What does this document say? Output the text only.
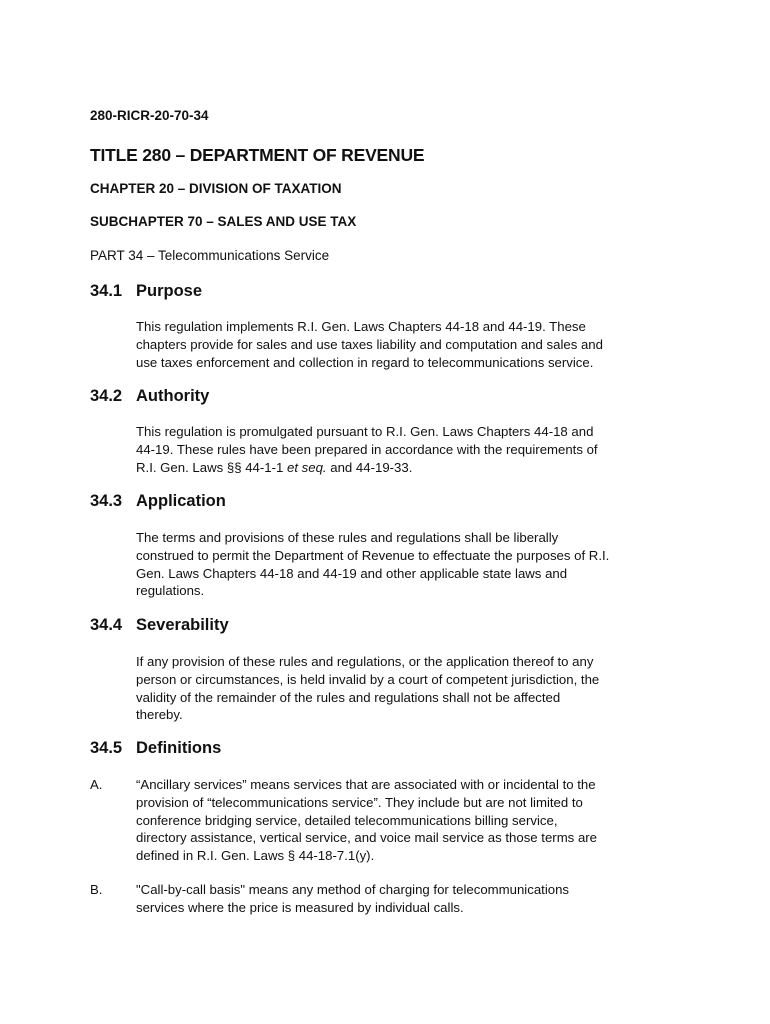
280-RICR-20-70-34
TITLE 280 – DEPARTMENT OF REVENUE
CHAPTER 20 – DIVISION OF TAXATION
SUBCHAPTER 70 – SALES AND USE TAX
PART 34 – Telecommunications Service
34.1 Purpose
This regulation implements R.I. Gen. Laws Chapters 44-18 and 44-19. These
chapters provide for sales and use taxes liability and computation and sales and
use taxes enforcement and collection in regard to telecommunications service.
34.2 Authority
This regulation is promulgated pursuant to R.I. Gen. Laws Chapters 44-18 and
44-19. These rules have been prepared in accordance with the requirements of
R.I. Gen. Laws §§ 44-1-1 et seq. and 44-19-33.
34.3 Application
The terms and provisions of these rules and regulations shall be liberally
construed to permit the Department of Revenue to effectuate the purposes of R.I.
Gen. Laws Chapters 44-18 and 44-19 and other applicable state laws and
regulations.
34.4 Severability
If any provision of these rules and regulations, or the application thereof to any
person or circumstances, is held invalid by a court of competent jurisdiction, the
validity of the remainder of the rules and regulations shall not be affected
thereby.
34.5 Definitions
A.	“Ancillary services” means services that are associated with or incidental to the
provision of “telecommunications service”. They include but are not limited to
conference bridging service, detailed telecommunications billing service,
directory assistance, vertical service, and voice mail service as those terms are
defined in R.I. Gen. Laws § 44-18-7.1(y).
B.	"Call-by-call basis" means any method of charging for telecommunications
services where the price is measured by individual calls.
